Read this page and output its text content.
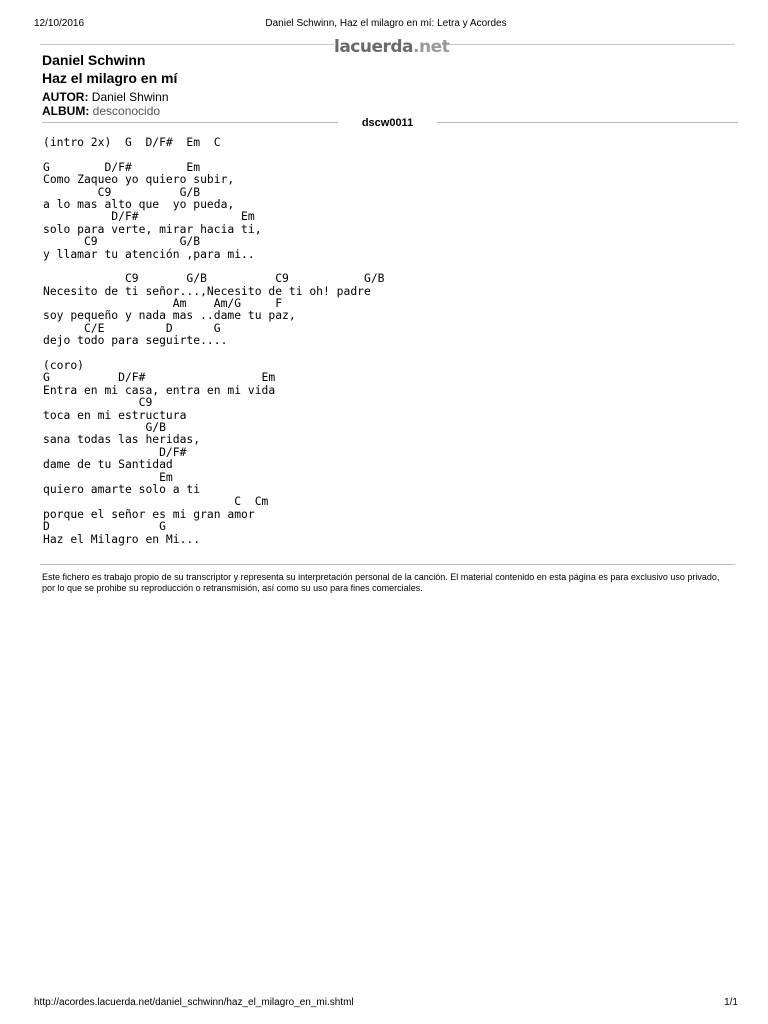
12/10/2016	Daniel Schwinn, Haz el milagro en mí: Letra y Acordes
lacuerda.net
Daniel Schwinn
Haz el milagro en mí
AUTOR: Daniel Shwinn
ALBUM: desconocido
dscw0011
(intro 2x)  G  D/F#  Em  C
G        D/F#        Em
Como Zaqueo yo quiero subir,
C9          G/B
a lo mas alto que  yo pueda,
D/F#               Em
solo para verte, mirar hacia ti,
C9            G/B
y llamar tu atención ,para mi..
C9       G/B          C9           G/B
Necesito de ti señor...,Necesito de ti oh! padre
Am    Am/G     F
soy pequeño y nada mas ..dame tu paz,
C/E         D      G
dejo todo para seguirte....
(coro)
G          D/F#                 Em
Entra en mi casa, entra en mi vida
C9
toca en mi estructura
G/B
sana todas las heridas,
D/F#
dame de tu Santidad
Em
quiero amarte solo a ti
C  Cm
porque el señor es mi gran amor
D                G
Haz el Milagro en Mi...
Este fichero es trabajo propio de su transcriptor y representa su interpretación personal de la canción. El material contenido en esta página es para exclusivo uso privado, por lo que se prohibe su reproducción o retransmisión, así como su uso para fines comerciales.
http://acordes.lacuerda.net/daniel_schwinn/haz_el_milagro_en_mi.shtml	1/1
